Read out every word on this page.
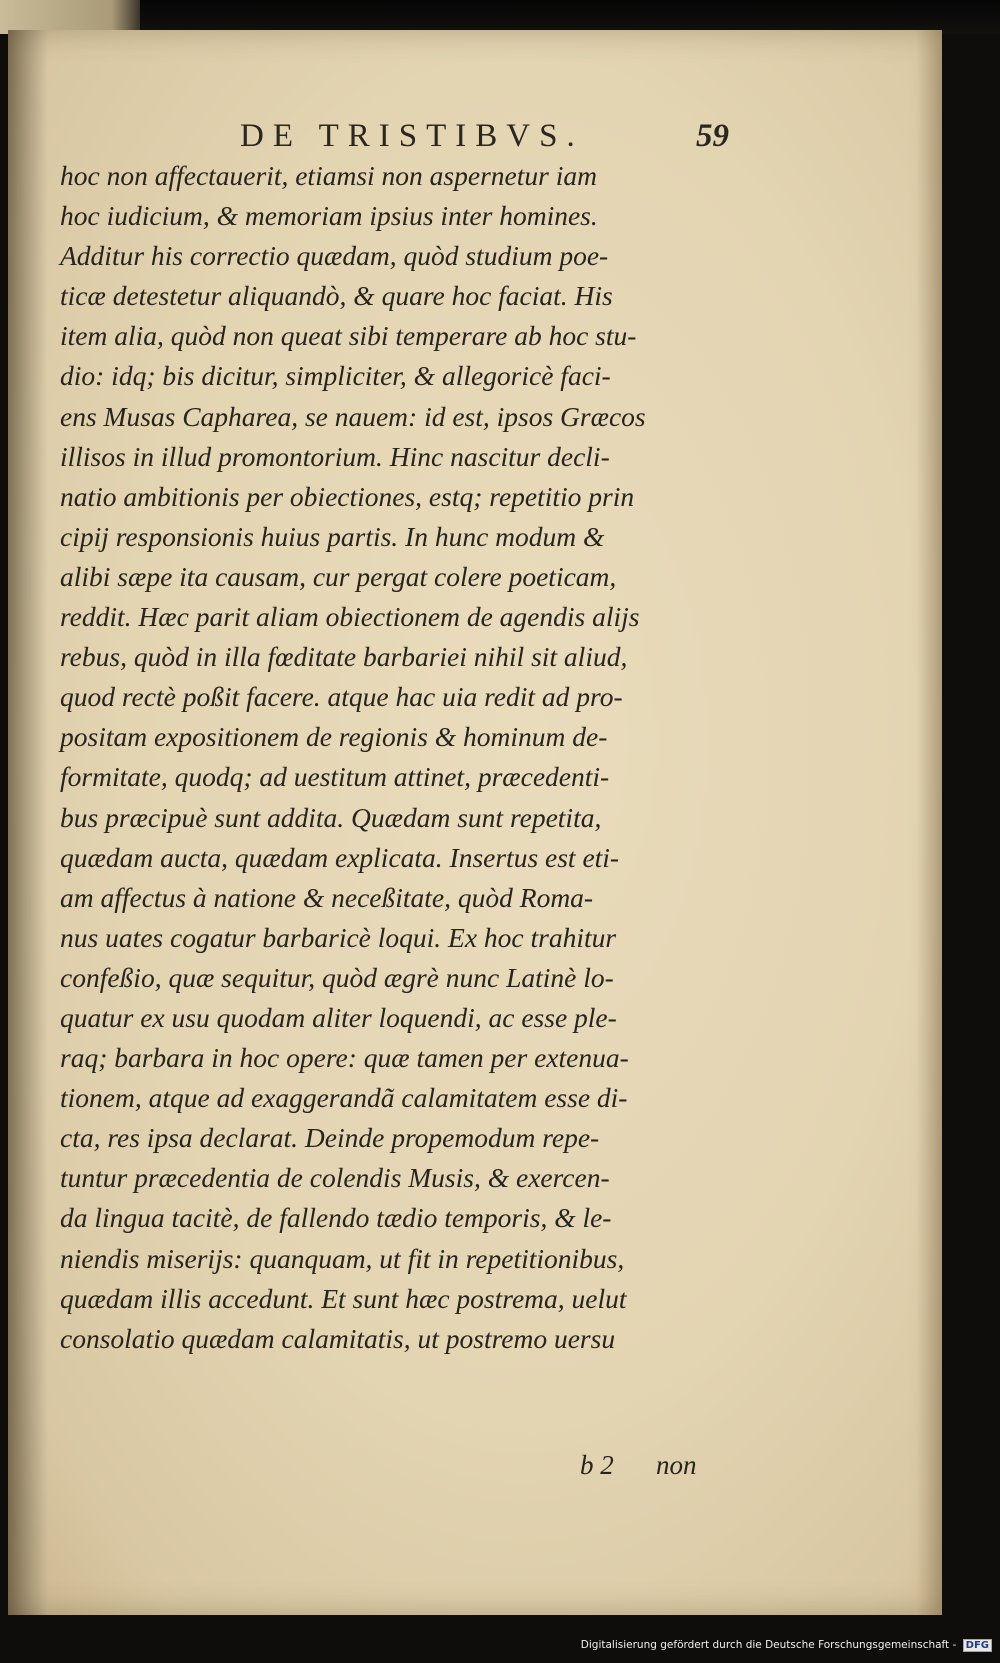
DE TRISTIBVS.	59
hoc non affectauerit, etiamsi non aspernetur iam
hoc iudicium, & memoriam ipsius inter homines.
Additur his correctio quædam, quòd studium poe-
ticæ detestetur aliquandò, & quare hoc faciat. His
item alia, quòd non queat sibi temperare ab hoc stu-
dio: idq; bis dicitur, simpliciter, & allegoricè faci-
ens Musas Caphareа, se nauem: id est, ipsos Græcos
illisos in illud promontorium. Hinc nascitur decli-
natio ambitionis per obiectiones, estq; repetitio prin
cipij responsionis huius partis. In hunc modum &
alibi sæpe ita causam, cur pergat colere poeticam,
reddit. Hæc parit aliam obiectionem de agendis alijs
rebus, quòd in illa fœditate barbariei nihil sit aliud,
quod rectè poßit facere. atque hac uia redit ad pro-
positam expositionem de regionis & hominum de-
formitate, quodq; ad uestitum attinet, præcedenti-
bus præcipuè sunt addita. Quædam sunt repetita,
quædam aucta, quædam explicata. Insertus est eti-
am affectus à natione & neceßitate, quòd Roma-
nus uates cogatur barbaricè loqui. Ex hoc trahitur
confeßio, quæ sequitur, quòd ægrè nunc Latinè lo-
quatur ex usu quodam aliter loquendi, ac esse ple-
raq; barbara in hoc opere: quæ tamen per extenua-
tionem, atque ad exaggerandã calamitatem esse di-
cta, res ipsa declarat. Deinde propemodum repe-
tuntur præcedentia de colendis Musis, & exercen-
da lingua tacitè, de fallendo tædio temporis, & le-
niendis miserijs: quanquam, ut fit in repetitionibus,
quædam illis accedunt. Et sunt hæc postrema, uelut
consolatio quædam calamitatis, ut postremo uersu
b 2 non
Digitalisierung gefördert durch die Deutsche Forschungsgemeinschaft - DFG
